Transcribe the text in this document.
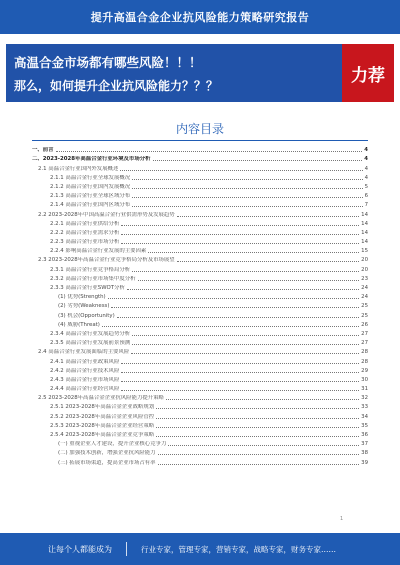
提升高温合金企业抗风险能力策略研究报告
高温合金市场都有哪些风险！！！
那么，如何提升企业抗风险能力？？？
力荐
内容目录
一、前言	4
二、2023-2028年高温合金行业环境及市场分析	4
2.1 高温合金行业国内外发展概述	4
2.1.1 高温合金行业全球发展概况	4
2.1.2 高温合金行业国内发展概况	5
2.1.3 高温合金行业全球区域分布	6
2.1.4 高温合金行业国内区域分布	7
2.2 2023-2028年中国高温合金行业供需形势及发展趋势	14
2.2.1 高温合金行业供给分析	14
2.2.2 高温合金行业需求分析	14
2.2.3 高温合金行业市场分析	14
2.2.4 影响高温合金行业发展的主要因素	15
2.3 2023-2028年高温合金行业竞争格局分析及市场展望	20
2.3.1 高温合金行业竞争格局分析	20
2.3.2 高温合金行业市场集中度分析	23
2.3.3 高温合金行业SWOT分析	24
(1) 优势(Strength)	24
(2) 劣势(Weakness)	25
(3) 机会(Opportunity)	25
(4) 威胁(Threat)	26
2.3.4 高温合金行业发展趋势分析	27
2.3.5 高温合金行业发展前景预测	27
2.4 高温合金行业发展面临的主要风险	28
2.4.1 高温合金行业政策风险	28
2.4.2 高温合金行业技术风险	29
2.4.3 高温合金行业市场风险	30
2.4.4 高温合金行业经营风险	31
2.5 2023-2028年高温合金企业抗风险能力提升策略	32
2.5.1 2023-2028年高温合金企业战略规划	33
2.5.2 2023-2028年高温合金企业风险管控	34
2.5.3 2023-2028年高温合金企业经营策略	35
2.5.4 2023-2028年高温合金企业竞争策略	36
(一) 重视企业人才建设，提升企业核心竞争力	37
(二) 加强技术创新，增强企业抗风险能力	38
(三) 拓展市场渠道，提高企业市场占有率	39
1
让每个人都能成为	行业专家，管理专家，营销专家，战略专家，财务专家……
